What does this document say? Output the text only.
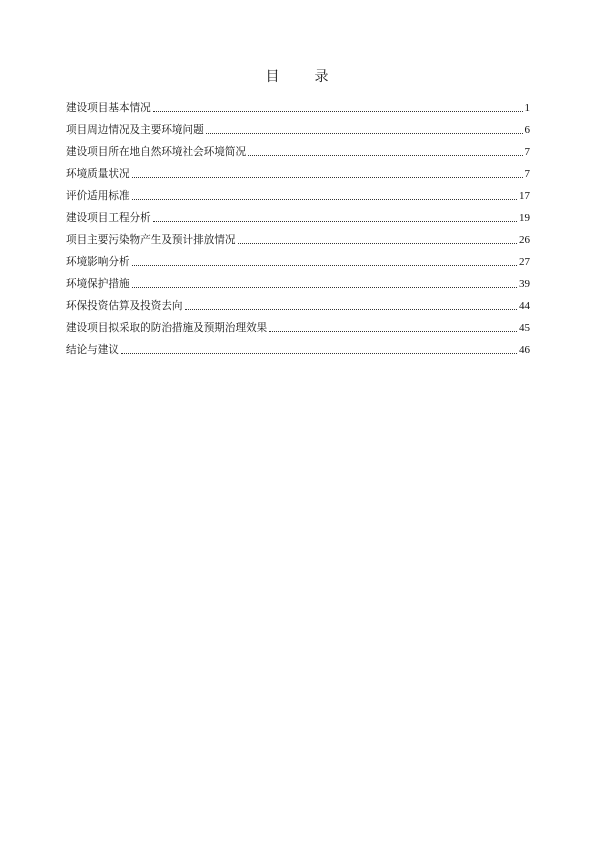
目 录
建设项目基本情况	1
项目周边情况及主要环境问题	6
建设项目所在地自然环境社会环境简况	7
环境质量状况	7
评价适用标准	17
建设项目工程分析	19
项目主要污染物产生及预计排放情况	26
环境影响分析	27
环境保护措施	39
环保投资估算及投资去向	44
建设项目拟采取的防治措施及预期治理效果	45
结论与建议	46
